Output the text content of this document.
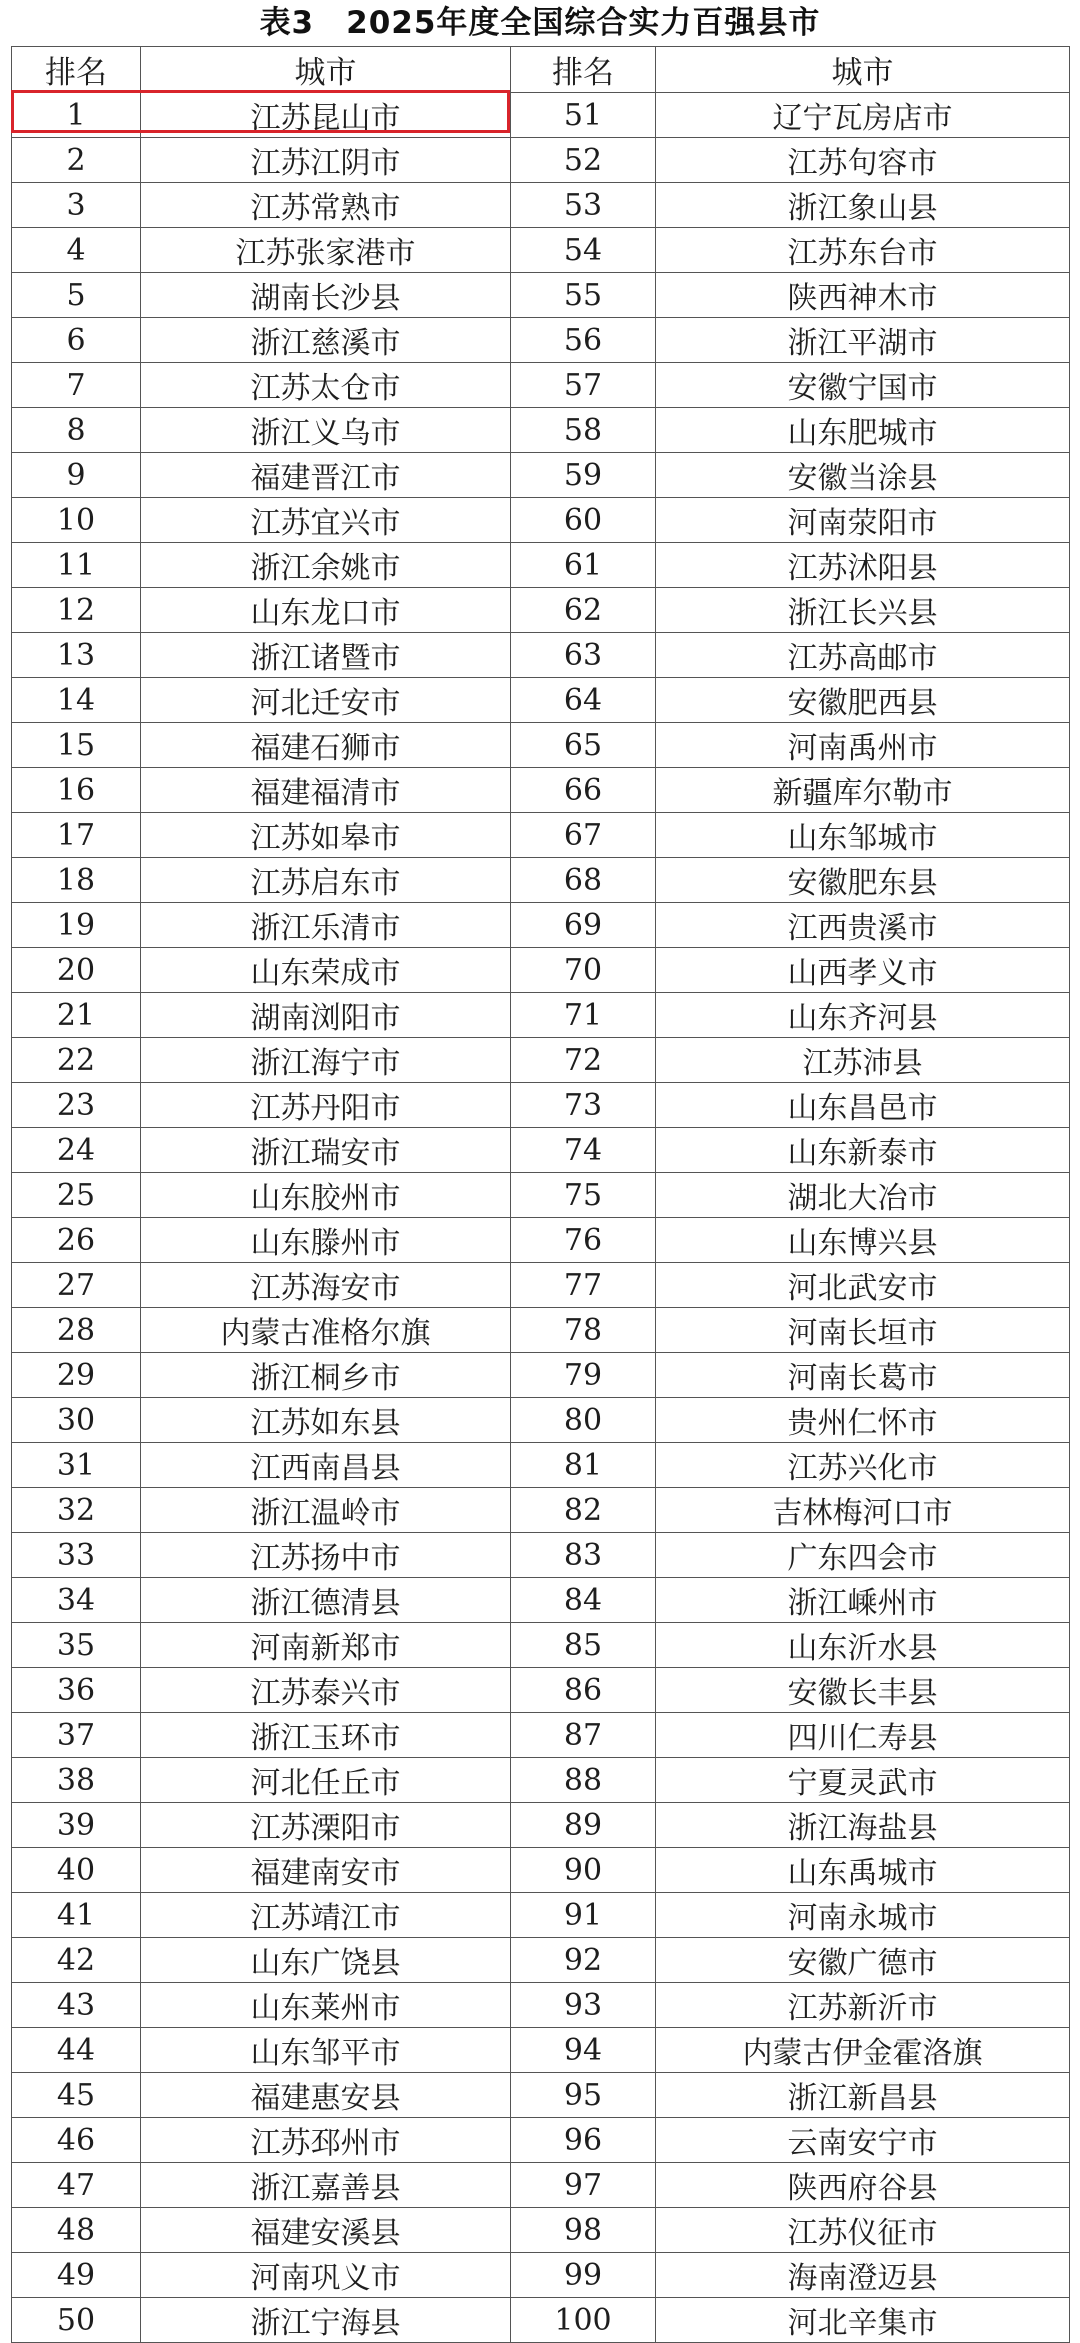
表3　2025年度全国综合实力百强县市
排名	城市	排名	城市
1	江苏昆山市	51	辽宁瓦房店市
2	江苏江阴市	52	江苏句容市
3	江苏常熟市	53	浙江象山县
4	江苏张家港市	54	江苏东台市
5	湖南长沙县	55	陕西神木市
6	浙江慈溪市	56	浙江平湖市
7	江苏太仓市	57	安徽宁国市
8	浙江义乌市	58	山东肥城市
9	福建晋江市	59	安徽当涂县
10	江苏宜兴市	60	河南荥阳市
11	浙江余姚市	61	江苏沭阳县
12	山东龙口市	62	浙江长兴县
13	浙江诸暨市	63	江苏高邮市
14	河北迁安市	64	安徽肥西县
15	福建石狮市	65	河南禹州市
16	福建福清市	66	新疆库尔勒市
17	江苏如皋市	67	山东邹城市
18	江苏启东市	68	安徽肥东县
19	浙江乐清市	69	江西贵溪市
20	山东荣成市	70	山西孝义市
21	湖南浏阳市	71	山东齐河县
22	浙江海宁市	72	江苏沛县
23	江苏丹阳市	73	山东昌邑市
24	浙江瑞安市	74	山东新泰市
25	山东胶州市	75	湖北大冶市
26	山东滕州市	76	山东博兴县
27	江苏海安市	77	河北武安市
28	内蒙古准格尔旗	78	河南长垣市
29	浙江桐乡市	79	河南长葛市
30	江苏如东县	80	贵州仁怀市
31	江西南昌县	81	江苏兴化市
32	浙江温岭市	82	吉林梅河口市
33	江苏扬中市	83	广东四会市
34	浙江德清县	84	浙江嵊州市
35	河南新郑市	85	山东沂水县
36	江苏泰兴市	86	安徽长丰县
37	浙江玉环市	87	四川仁寿县
38	河北任丘市	88	宁夏灵武市
39	江苏溧阳市	89	浙江海盐县
40	福建南安市	90	山东禹城市
41	江苏靖江市	91	河南永城市
42	山东广饶县	92	安徽广德市
43	山东莱州市	93	江苏新沂市
44	山东邹平市	94	内蒙古伊金霍洛旗
45	福建惠安县	95	浙江新昌县
46	江苏邳州市	96	云南安宁市
47	浙江嘉善县	97	陕西府谷县
48	福建安溪县	98	江苏仪征市
49	河南巩义市	99	海南澄迈县
50	浙江宁海县	100	河北辛集市
